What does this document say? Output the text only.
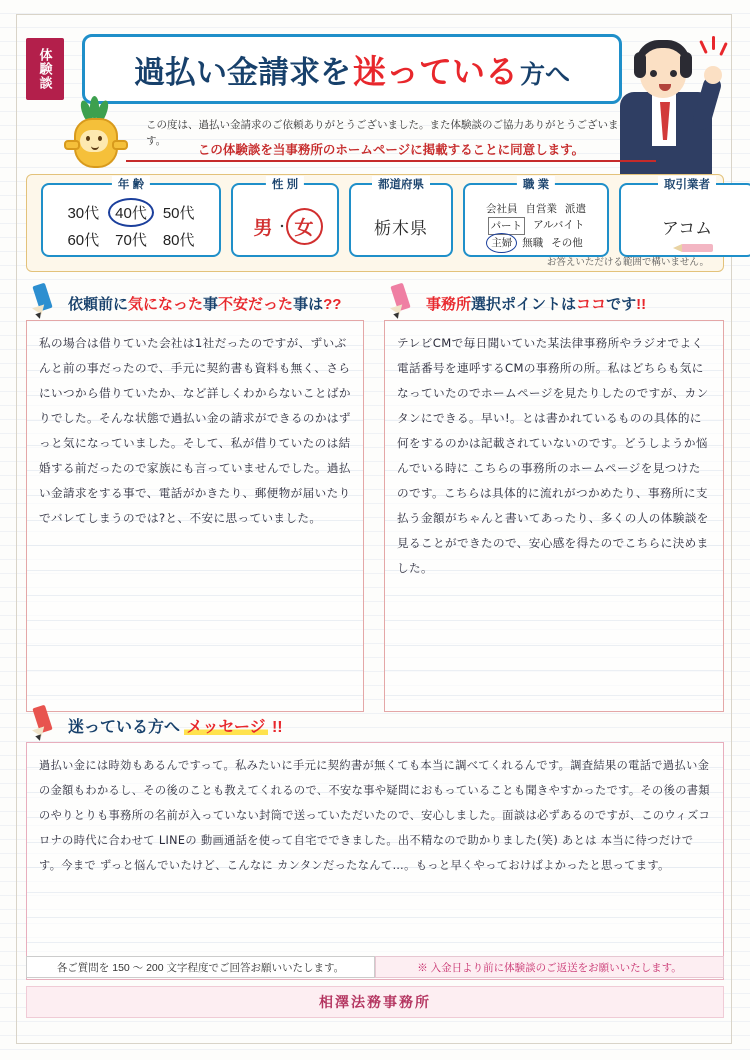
体験談	過払い金請求を迷っている方へ
この度は、過払い金請求のご依頼ありがとうございました。また体験談のご協力ありがとうございます。
この体験談を当事務所のホームページに掲載することに同意します。
年 齢
30代 40代 50代
60代 70代 80代
性 別
男 ・ 女
都道府県
栃木県
職 業
会社員 自営業 派遣
パート アルバイト
主婦 無職 その他
取引業者
アコム
お答えいただける範囲で構いません。
依頼前に気になった事不安だった事は??
私の場合は借りていた会社は1社だったのですが、ずいぶんと前の事だったので、手元に契約書も資料も無く、さらにいつから借りていたか、など詳しくわからないことばかりでした。そんな状態で過払い金の請求ができるのかはずっと気になっていました。そして、私が借りていたのは結婚する前だったので家族にも言っていませんでした。過払い金請求をする事で、電話がかきたり、郵便物が届いたりでバレてしまうのでは?と、不安に思っていました。
事務所選択ポイントはココです!!
テレビCMで毎日聞いていた某法律事務所やラジオでよく電話番号を連呼するCMの事務所の所。私はどちらも気になっていたのでホームページを見たりしたのですが、カンタンにできる。早い!。とは書かれているものの具体的に何をするのかは記載されていないのです。どうしようか悩んでいる時に こちらの事務所のホームページを見つけたのです。こちらは具体的に流れがつかめたり、事務所に支払う金額がちゃんと書いてあったり、多くの人の体験談を見ることができたので、安心感を得たのでこちらに決めました。
迷っている方へ メッセージ !!
過払い金には時効もあるんですって。私みたいに手元に契約書が無くても本当に調べてくれるんです。調査結果の電話で過払い金の金額もわかるし、その後のことも教えてくれるので、不安な事や疑問におもっていることも聞きやすかったです。その後の書類のやりとりも事務所の名前が入っていない封筒で送っていただいたので、安心しました。面談は必ずあるのですが、このウィズコロナの時代に合わせて LINEの 動画通話を使って自宅でできました。出不精なので助かりました(笑) あとは 本当に待つだけです。今まで ずっと悩んでいたけど、こんなに カンタンだったなんて…。もっと早くやっておけばよかったと思ってます。
各ご質問を 150 ～ 200 文字程度でご回答お願いいたします。	※ 入金日より前に体験談のご返送をお願いいたします。
相澤法務事務所
